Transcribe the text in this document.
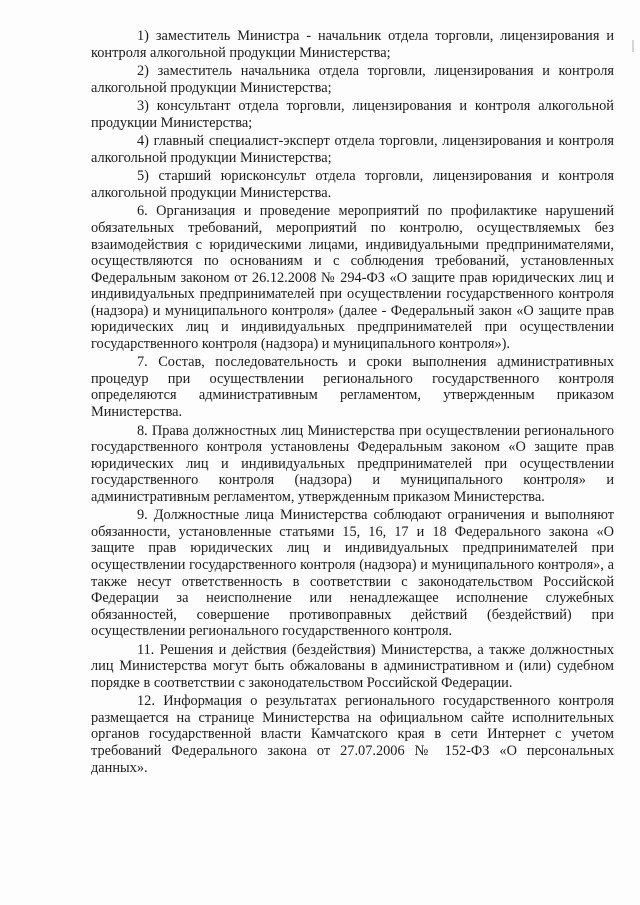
1) заместитель Министра - начальник отдела торговли, лицензирования и контроля алкогольной продукции Министерства;

2) заместитель начальника отдела торговли, лицензирования и контроля алкогольной продукции Министерства;

3) консультант отдела торговли, лицензирования и контроля алкогольной продукции Министерства;

4) главный специалист-эксперт отдела торговли, лицензирования и контроля алкогольной продукции Министерства;

5) старший юрисконсульт отдела торговли, лицензирования и контроля алкогольной продукции Министерства.

6. Организация и проведение мероприятий по профилактике нарушений обязательных требований, мероприятий по контролю, осуществляемых без взаимодействия с юридическими лицами, индивидуальными предпринимателями, осуществляются по основаниям и с соблюдения требований, установленных Федеральным законом от 26.12.2008 № 294-ФЗ «О защите прав юридических лиц и индивидуальных предпринимателей при осуществлении государственного контроля (надзора) и муниципального контроля» (далее - Федеральный закон «О защите прав юридических лиц и индивидуальных предпринимателей при осуществлении государственного контроля (надзора) и муниципального контроля»).

7. Состав, последовательность и сроки выполнения административных процедур при осуществлении регионального государственного контроля определяются административным регламентом, утвержденным приказом Министерства.

8. Права должностных лиц Министерства при осуществлении регионального государственного контроля установлены Федеральным законом «О защите прав юридических лиц и индивидуальных предпринимателей при осуществлении государственного контроля (надзора) и муниципального контроля» и административным регламентом, утвержденным приказом Министерства.

9. Должностные лица Министерства соблюдают ограничения и выполняют обязанности, установленные статьями 15, 16, 17 и 18 Федерального закона «О защите прав юридических лиц и индивидуальных предпринимателей при осуществлении государственного контроля (надзора) и муниципального контроля», а также несут ответственность в соответствии с законодательством Российской Федерации за неисполнение или ненадлежащее исполнение служебных обязанностей, совершение противоправных действий (бездействий) при осуществлении регионального государственного контроля.

11. Решения и действия (бездействия) Министерства, а также должностных лиц Министерства могут быть обжалованы в административном и (или) судебном порядке в соответствии с законодательством Российской Федерации.

12. Информация о результатах регионального государственного контроля размещается на странице Министерства на официальном сайте исполнительных органов государственной власти Камчатского края в сети Интернет с учетом требований Федерального закона от 27.07.2006 № 152-ФЗ «О персональных данных».
